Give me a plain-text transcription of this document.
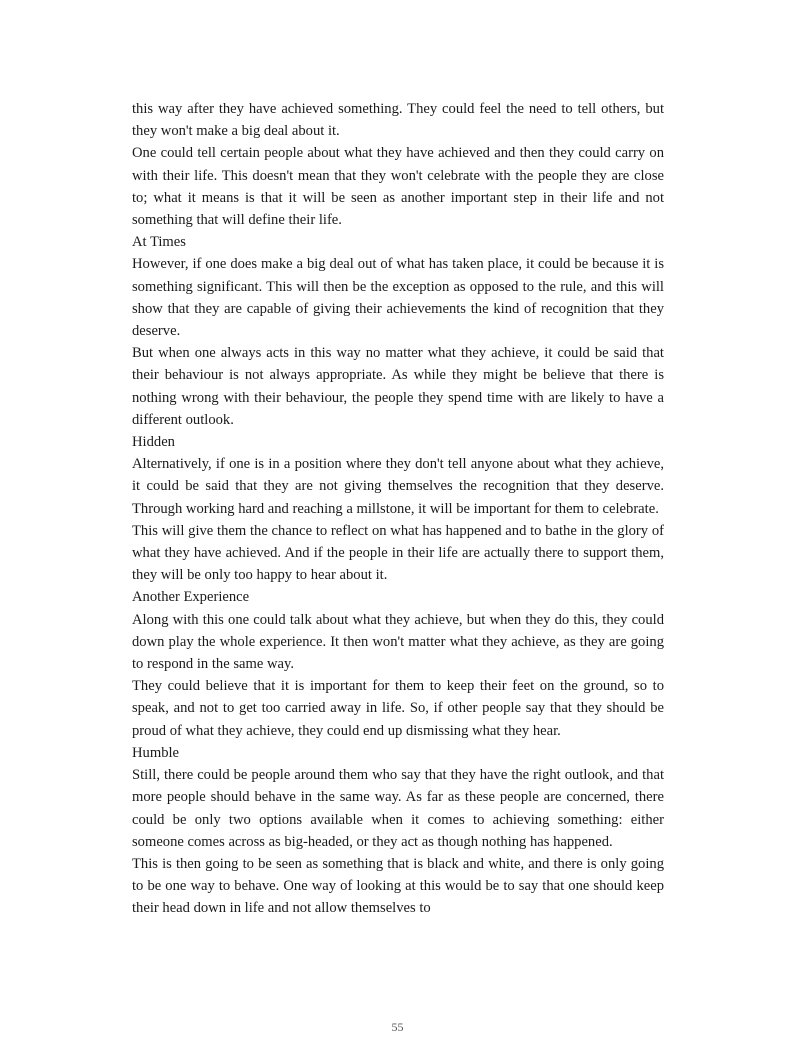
this way after they have achieved something. They could feel the need to tell others, but they won't make a big deal about it.

One could tell certain people about what they have achieved and then they could carry on with their life. This doesn't mean that they won't celebrate with the people they are close to; what it means is that it will be seen as another important step in their life and not something that will define their life.

At Times

However, if one does make a big deal out of what has taken place, it could be because it is something significant. This will then be the exception as opposed to the rule, and this will show that they are capable of giving their achievements the kind of recognition that they deserve.

But when one always acts in this way no matter what they achieve, it could be said that their behaviour is not always appropriate. As while they might be believe that there is nothing wrong with their behaviour, the people they spend time with are likely to have a different outlook.

Hidden

Alternatively, if one is in a position where they don't tell anyone about what they achieve, it could be said that they are not giving themselves the recognition that they deserve. Through working hard and reaching a millstone, it will be important for them to celebrate.

This will give them the chance to reflect on what has happened and to bathe in the glory of what they have achieved. And if the people in their life are actually there to support them, they will be only too happy to hear about it.

Another Experience

Along with this one could talk about what they achieve, but when they do this, they could down play the whole experience. It then won't matter what they achieve, as they are going to respond in the same way.

They could believe that it is important for them to keep their feet on the ground, so to speak, and not to get too carried away in life. So, if other people say that they should be proud of what they achieve, they could end up dismissing what they hear.

Humble

Still, there could be people around them who say that they have the right outlook, and that more people should behave in the same way. As far as these people are concerned, there could be only two options available when it comes to achieving something: either someone comes across as big-headed, or they act as though nothing has happened.

This is then going to be seen as something that is black and white, and there is only going to be one way to behave. One way of looking at this would be to say that one should keep their head down in life and not allow themselves to

55
